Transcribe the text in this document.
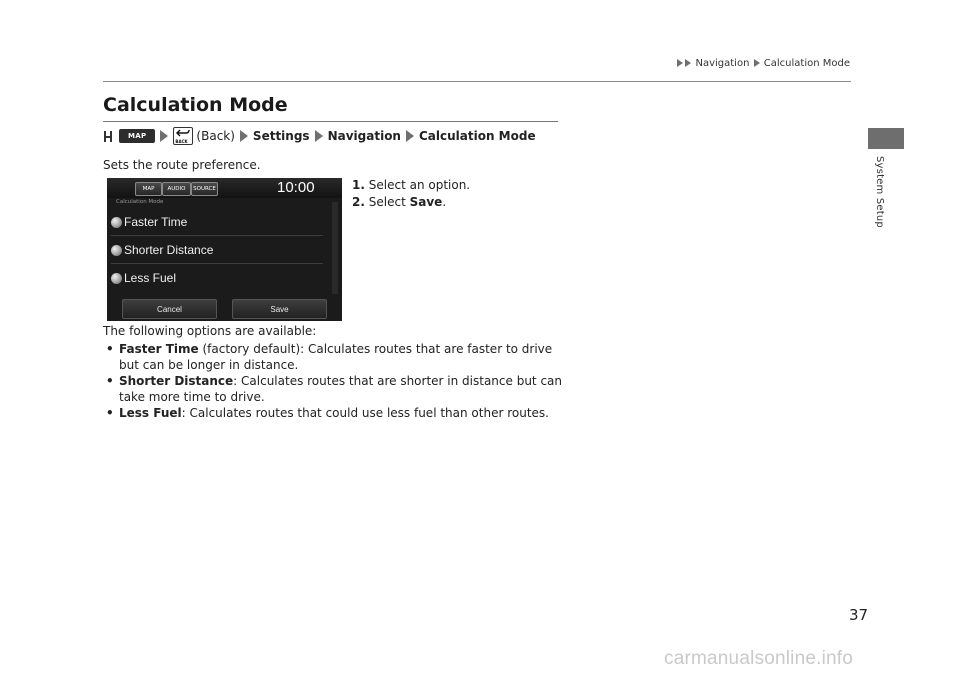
Navigation Calculation Mode
System Setup
Calculation Mode
MAP
BACK (Back) Settings Navigation Calculation Mode
Sets the route preference.
MAP	AUDIO	SOURCE	10:00
Calculation Mode
Faster Time
Shorter Distance
Less Fuel
Cancel	Save
1. Select an option.
2. Select Save.
The following options are available:
• Faster Time (factory default): Calculates routes that are faster to drive but can be longer in distance.
• Shorter Distance: Calculates routes that are shorter in distance but can take more time to drive.
• Less Fuel: Calculates routes that could use less fuel than other routes.
37
carmanualsonline.info
